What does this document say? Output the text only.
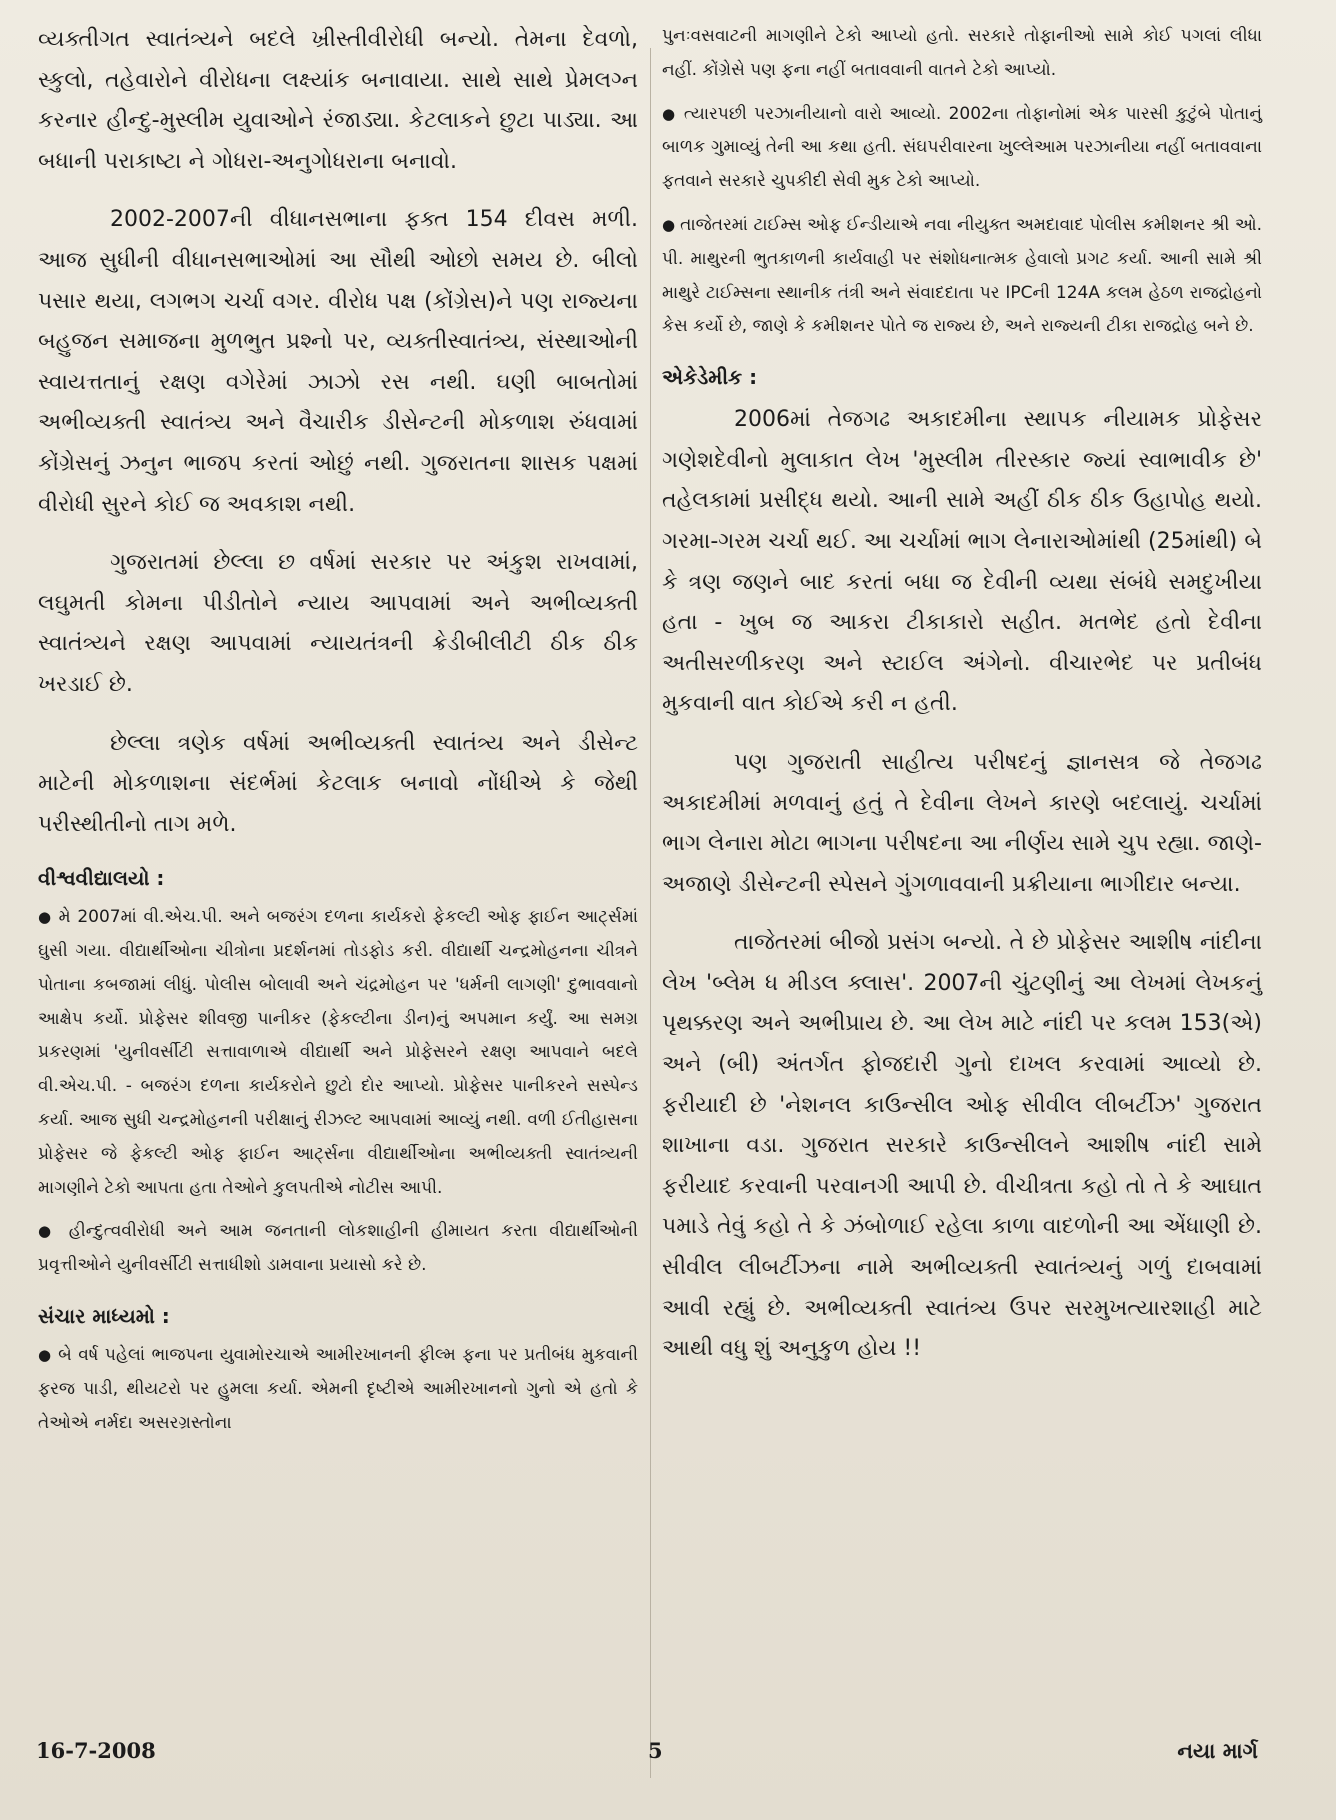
વ્યક્તીગત સ્વાતંત્ર્યને બદલે ખ્રીસ્તીવીરોધી બન્યો. તેમના દેવળો, સ્કુલો, તહેવારોને વીરોધના લક્ષ્યાંક બનાવાયા. સાથે સાથે પ્રેમલગ્ન કરનાર હીન્દુ-મુસ્લીમ યુવાઓને રંજાડ્યા. કેટલાકને છુટા પાડ્યા. આ બધાની પરાકાષ્ટા ને ગોધરા-અનુગોધરાના બનાવો.

2002-2007ની વીધાનસભાના ફક્ત 154 દીવસ મળી. આજ સુધીની વીધાનસભાઓમાં આ સૌથી ઓછો સમય છે. બીલો પસાર થયા, લગભગ ચર્ચા વગર. વીરોધ પક્ષ (કોંગ્રેસ)ને પણ રાજ્યના બહુજન સમાજના મુળભુત પ્રશ્નો પર, વ્યક્તીસ્વાતંત્ર્ય, સંસ્થાઓની સ્વાયત્તતાનું રક્ષણ વગેરેમાં ઝાઝો રસ નથી. ઘણી બાબતોમાં અભીવ્યક્તી સ્વાતંત્ર્ય અને વૈચારીક ડીસેન્ટની મોકળાશ રુંધવામાં કોંગ્રેસનું ઝનુન ભાજપ કરતાં ઓછું નથી. ગુજરાતના શાસક પક્ષમાં વીરોધી સુરને કોઈ જ અવકાશ નથી.

ગુજરાતમાં છેલ્લા છ વર્ષમાં સરકાર પર અંકુશ રાખવામાં, લઘુમતી કોમના પીડીતોને ન્યાય આપવામાં અને અભીવ્યક્તી સ્વાતંત્ર્યને રક્ષણ આપવામાં ન્યાયતંત્રની ક્રેડીબીલીટી ઠીક ઠીક ખરડાઈ છે.

છેલ્લા ત્રણેક વર્ષમાં અભીવ્યક્તી સ્વાતંત્ર્ય અને ડીસેન્ટ માટેની મોકળાશના સંદર્ભમાં કેટલાક બનાવો નોંધીએ કે જેથી પરીસ્થીતીનો તાગ મળે.

વીશ્વવીદ્યાલયો :

● મે 2007માં વી.એચ.પી. અને બજરંગ દળના કાર્યકરો ફેકલ્ટી ઓફ ફાઈન આર્ટ્સમાં ઘુસી ગયા. વીદ્યાર્થીઓના ચીત્રોના પ્રદર્શનમાં તોડફોડ કરી. વીદ્યાર્થી ચન્દ્રમોહનના ચીત્રને પોતાના કબજામાં લીધું. પોલીસ બોલાવી અને ચંદ્રમોહન પર 'ધર્મની લાગણી' દુભાવવાનો આક્ષેપ કર્યો. પ્રોફેસર શીવજી પાનીકર (ફેકલ્ટીના ડીન)નું અપમાન કર્યું. આ સમગ્ર પ્રકરણમાં 'યુનીવર્સીટી સત્તાવાળાએ વીદ્યાર્થી અને પ્રોફેસરને રક્ષણ આપવાને બદલે વી.એચ.પી. - બજરંગ દળના કાર્યકરોને છુટો દોર આપ્યો. પ્રોફેસર પાનીકરને સસ્પેન્ડ કર્યા. આજ સુધી ચન્દ્રમોહનની પરીક્ષાનું રીઝલ્ટ આપવામાં આવ્યું નથી. વળી ઈતીહાસના પ્રોફેસર જે ફેકલ્ટી ઓફ ફાઈન આર્ટ્સના વીદ્યાર્થીઓના અભીવ્યક્તી સ્વાતંત્ર્યની માગણીને ટેકો આપતા હતા તેઓને કુલપતીએ નોટીસ આપી.

● હીન્દુત્વવીરોધી અને આમ જનતાની લોકશાહીની હીમાયત કરતા વીદ્યાર્થીઓની પ્રવૃત્તીઓને યુનીવર્સીટી સત્તાધીશો ડામવાના પ્રયાસો કરે છે.

સંચાર માધ્યમો :

● બે વર્ષ પહેલાં ભાજપના યુવામોરચાએ આમીરખાનની ફીલ્મ ફના પર પ્રતીબંધ મુકવાની ફરજ પાડી, થીયટરો પર હુમલા કર્યા. એમની દૃષ્ટીએ આમીરખાનનો ગુનો એ હતો કે તેઓએ નર્મદા અસરગ્રસ્તોના

પુનઃવસવાટની માગણીને ટેકો આપ્યો હતો. સરકારે તોફાનીઓ સામે કોઈ પગલાં લીધા નહીં. કોંગ્રેસે પણ ફના નહીં બતાવવાની વાતને ટેકો આપ્યો.

● ત્યારપછી પરઝાનીયાનો વારો આવ્યો. 2002ના તોફાનોમાં એક પારસી કુટુંબે પોતાનું બાળક ગુમાવ્યું તેની આ કથા હતી. સંઘપરીવારના ખુલ્લેઆમ પરઝાનીયા નહીં બતાવવાના ફતવાને સરકારે ચુપકીદી સેવી મુક ટેકો આપ્યો.

● તાજેતરમાં ટાઈમ્સ ઓફ ઈન્ડીયાએ નવા નીયુક્ત અમદાવાદ પોલીસ કમીશનર શ્રી ઓ. પી. માથુરની ભુતકાળની કાર્યવાહી પર સંશોધનાત્મક હેવાલો પ્રગટ કર્યા. આની સામે શ્રી માથુરે ટાઈમ્સના સ્થાનીક તંત્રી અને સંવાદદાતા પર IPCની 124A કલમ હેઠળ રાજદ્રોહનો કેસ કર્યો છે, જાણે કે કમીશનર પોતે જ રાજ્ય છે, અને રાજ્યની ટીકા રાજદ્રોહ બને છે.

એકેડેમીક :

2006માં તેજગઢ અકાદમીના સ્થાપક નીયામક પ્રોફેસર ગણેશદેવીનો મુલાકાત લેખ 'મુસ્લીમ તીરસ્કાર જ્યાં સ્વાભાવીક છે' તહેલકામાં પ્રસીદ્ધ થયો. આની સામે અહીં ઠીક ઠીક ઉહાપોહ થયો. ગરમા-ગરમ ચર્ચા થઈ. આ ચર્ચામાં ભાગ લેનારાઓમાંથી (25માંથી) બે કે ત્રણ જણને બાદ કરતાં બધા જ દેવીની વ્યથા સંબંધે સમદુખીયા હતા - ખુબ જ આકરા ટીકાકારો સહીત. મતભેદ હતો દેવીના અતીસરળીકરણ અને સ્ટાઈલ અંગેનો. વીચારભેદ પર પ્રતીબંધ મુકવાની વાત કોઈએ કરી ન હતી.

પણ ગુજરાતી સાહીત્ય પરીષદનું જ્ઞાનસત્ર જે તેજગઢ અકાદમીમાં મળવાનું હતું તે દેવીના લેખને કારણે બદલાયું. ચર્ચામાં ભાગ લેનારા મોટા ભાગના પરીષદના આ નીર્ણય સામે ચુપ રહ્યા. જાણે-અજાણે ડીસેન્ટની સ્પેસને ગુંગળાવવાની પ્રક્રીયાના ભાગીદાર બન્યા.

તાજેતરમાં બીજો પ્રસંગ બન્યો. તે છે પ્રોફેસર આશીષ નાંદીના લેખ 'બ્લેમ ધ મીડલ ક્લાસ'. 2007ની ચુંટણીનું આ લેખમાં લેખકનું પૃથક્કરણ અને અભીપ્રાય છે. આ લેખ માટે નાંદી પર કલમ 153(એ) અને (બી) અંતર્ગત ફોજદારી ગુનો દાખલ કરવામાં આવ્યો છે. ફરીયાદી છે 'નેશનલ કાઉન્સીલ ઓફ સીવીલ લીબર્ટીઝ' ગુજરાત શાખાના વડા. ગુજરાત સરકારે કાઉન્સીલને આશીષ નાંદી સામે ફરીયાદ કરવાની પરવાનગી આપી છે. વીચીત્રતા કહો તો તે કે આઘાત પમાડે તેવું કહો તે કે ઝંબોળાઈ રહેલા કાળા વાદળોની આ એંધાણી છે. સીવીલ લીબર્ટીઝના નામે અભીવ્યક્તી સ્વાતંત્ર્યનું ગળું દાબવામાં આવી રહ્યું છે. અભીવ્યક્તી સ્વાતંત્ર્ય ઉપર સરમુખત્યારશાહી માટે આથી વધુ શું અનુકુળ હોય !!

16-7-2008	5	નયા માર્ગ
